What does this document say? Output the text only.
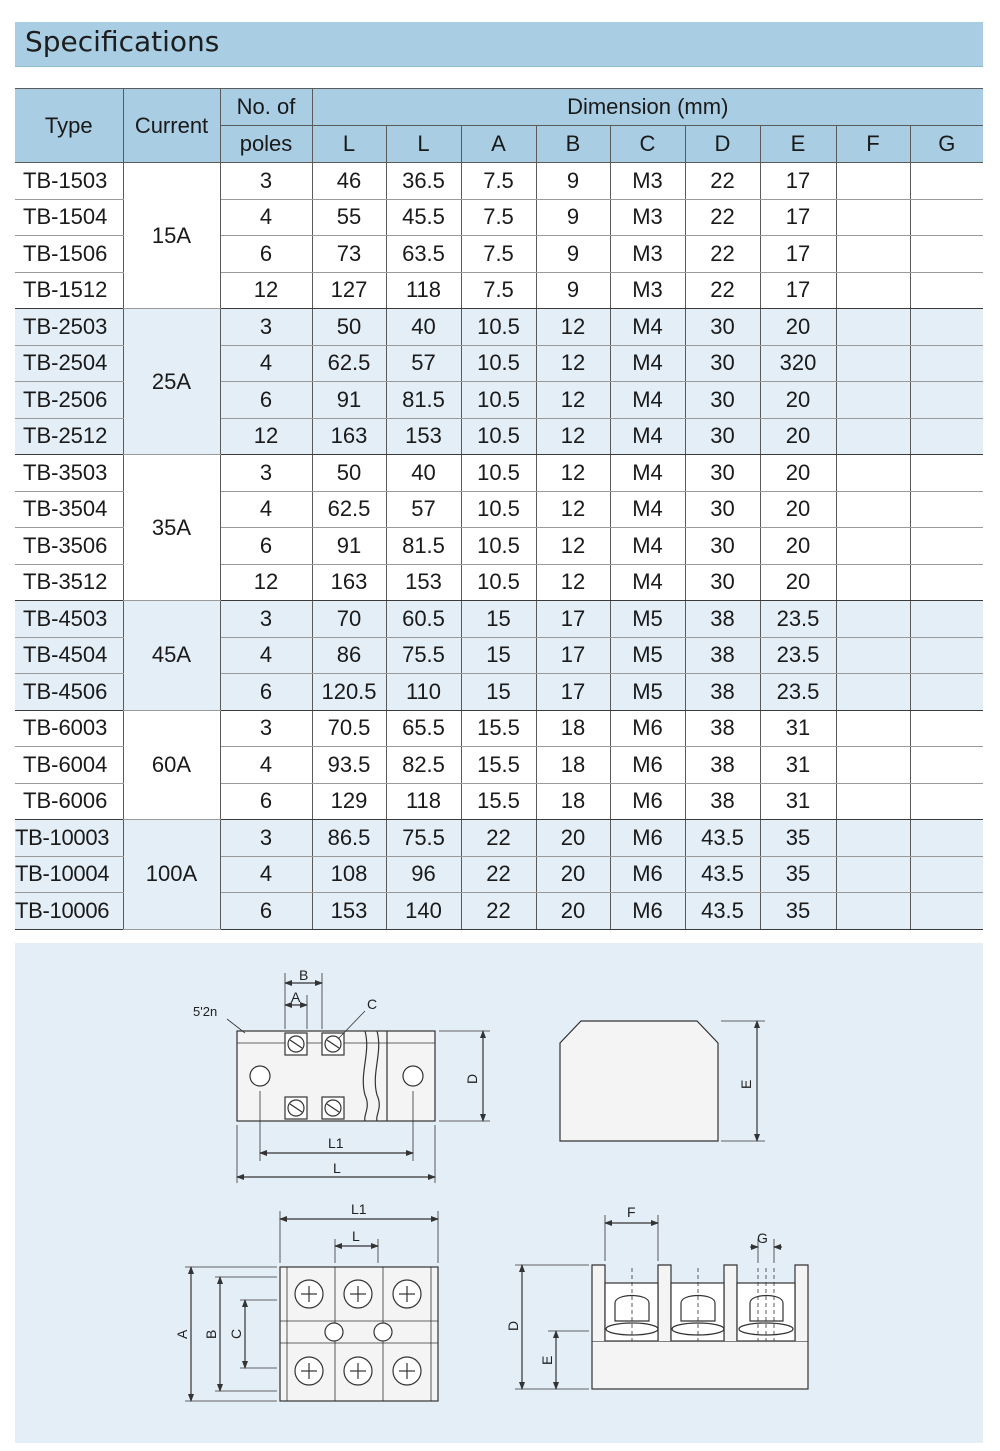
Specifications
Type	Current	No. of	Dimension (mm)								
		poles	L	L	A	B	C	D	E	F	G
TB-1503	15A	3	46	36.5	7.5	9	M3	22	17		
TB-1504		4	55	45.5	7.5	9	M3	22	17		
TB-1506		6	73	63.5	7.5	9	M3	22	17		
TB-1512		12	127	118	7.5	9	M3	22	17		
TB-2503	25A	3	50	40	10.5	12	M4	30	20		
TB-2504		4	62.5	57	10.5	12	M4	30	320		
TB-2506		6	91	81.5	10.5	12	M4	30	20		
TB-2512		12	163	153	10.5	12	M4	30	20		
TB-3503	35A	3	50	40	10.5	12	M4	30	20		
TB-3504		4	62.5	57	10.5	12	M4	30	20		
TB-3506		6	91	81.5	10.5	12	M4	30	20		
TB-3512		12	163	153	10.5	12	M4	30	20		
TB-4503	45A	3	70	60.5	15	17	M5	38	23.5		
TB-4504		4	86	75.5	15	17	M5	38	23.5		
TB-4506		6	120.5	110	15	17	M5	38	23.5		
TB-6003	60A	3	70.5	65.5	15.5	18	M6	38	31		
TB-6004		4	93.5	82.5	15.5	18	M6	38	31		
TB-6006		6	129	118	15.5	18	M6	38	31		
TB-10003	100A	3	86.5	75.5	22	20	M6	43.5	35		
TB-10004		4	108	96	22	20	M6	43.5	35		
TB-10006		6	153	140	22	20	M6	43.5	35		
B
A	C
5'2n
D
L1
L
E
L1
L
A B C
F
G
D
E
